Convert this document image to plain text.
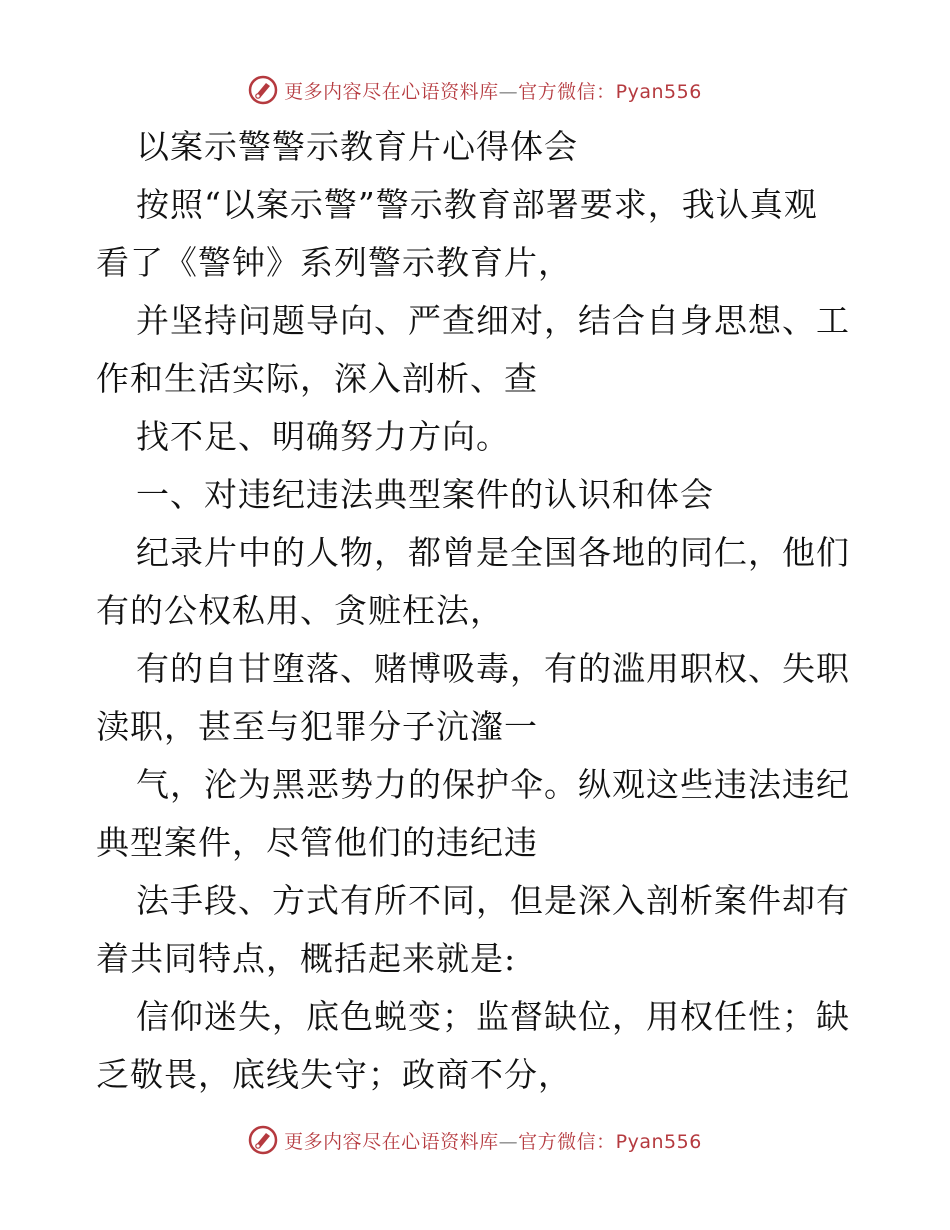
更多内容尽在心语资料库—官方微信：Pyan556
以案示警警示教育片心得体会
按照“以案示警”警示教育部署要求，我认真观
看了《警钟》系列警示教育片，
并坚持问题导向、严查细对，结合自身思想、工
作和生活实际，深入剖析、查
找不足、明确努力方向。
一、对违纪违法典型案件的认识和体会
纪录片中的人物，都曾是全国各地的同仁，他们
有的公权私用、贪赃枉法，
有的自甘堕落、赌博吸毒，有的滥用职权、失职
渎职，甚至与犯罪分子沆瀣一
气，沦为黑恶势力的保护伞。纵观这些违法违纪
典型案件，尽管他们的违纪违
法手段、方式有所不同，但是深入剖析案件却有
着共同特点，概括起来就是:
信仰迷失，底色蜕变；监督缺位，用权任性；缺
乏敬畏，底线失守；政商不分，
更多内容尽在心语资料库—官方微信：Pyan556
